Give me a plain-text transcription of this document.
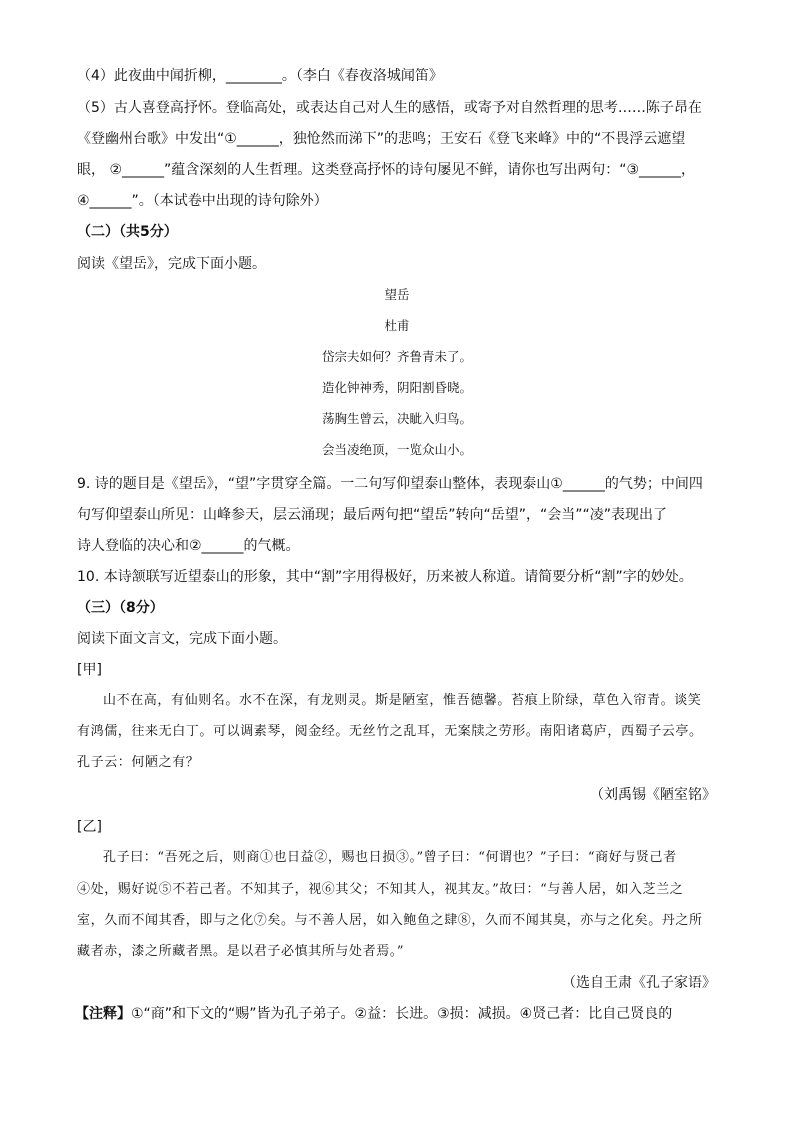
（4）此夜曲中闻折柳，________。（李白《春夜洛城闻笛》
（5）古人喜登高抒怀。登临高处，或表达自己对人生的感悟，或寄予对自然哲理的思考……陈子昂在
《登幽州台歌》中发出“①______，独怆然而涕下”的悲鸣；王安石《登飞来峰》中的“不畏浮云遮望
眼， ②______”蕴含深刻的人生哲理。这类登高抒怀的诗句屡见不鲜，请你也写出两句：“③______，
④______”。（本试卷中出现的诗句除外）
（二）（共5分）
阅读《望岳》，完成下面小题。
望岳
杜甫
岱宗夫如何？齐鲁青未了。
造化钟神秀，阴阳割昏晓。
荡胸生曾云，决眦入归鸟。
会当凌绝顶，一览众山小。
9. 诗的题目是《望岳》，“望”字贯穿全篇。一二句写仰望泰山整体，表现泰山①______的气势；中间四
句写仰望泰山所见：山峰参天，层云涌现；最后两句把“望岳”转向“岳望”，“会当”“凌”表现出了
诗人登临的决心和②______的气概。
10. 本诗颔联写近望泰山的形象，其中“割”字用得极好，历来被人称道。请简要分析“割”字的妙处。
（三）（8分）
阅读下面文言文，完成下面小题。
[甲]
山不在高，有仙则名。水不在深，有龙则灵。斯是陋室，惟吾德馨。苔痕上阶绿，草色入帘青。谈笑
有鸿儒，往来无白丁。可以调素琴，阅金经。无丝竹之乱耳，无案牍之劳形。南阳诸葛庐，西蜀子云亭。
孔子云：何陋之有？
（刘禹锡《陋室铭》
[乙]
孔子曰：“吾死之后，则商①也日益②，赐也日损③。”曾子曰：“何谓也？”子曰：“商好与贤己者
④处，赐好说⑤不若己者。不知其子，视⑥其父；不知其人，视其友。”故曰：“与善人居，如入芝兰之
室，久而不闻其香，即与之化⑦矣。与不善人居，如入鲍鱼之肆⑧，久而不闻其臭，亦与之化矣。丹之所
藏者赤，漆之所藏者黑。是以君子必慎其所与处者焉。”
（选自王肃《孔子家语》
【注释】①“商”和下文的“赐”皆为孔子弟子。②益：长进。③损：减损。④贤己者：比自己贤良的
